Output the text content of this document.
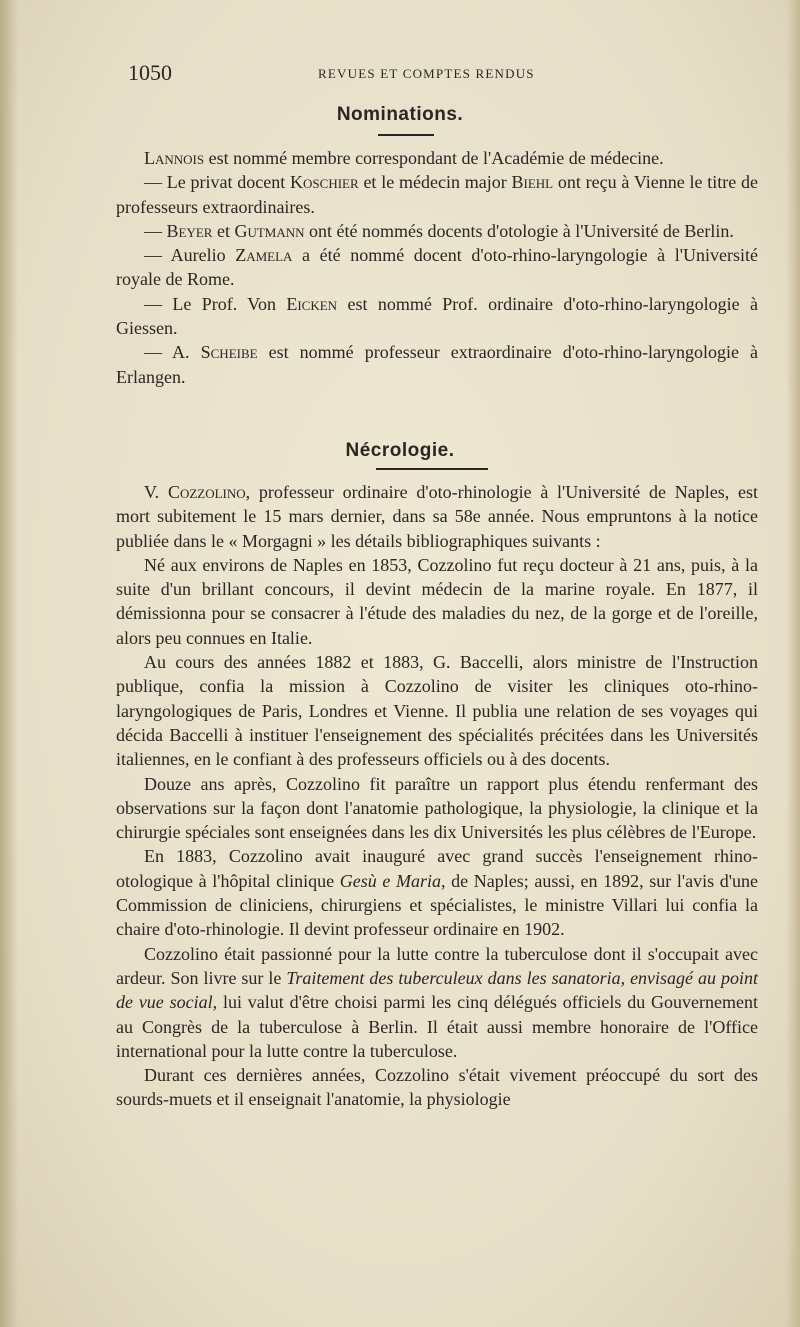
1050	REVUES ET COMPTES RENDUS
Nominations.

Lannois est nommé membre correspondant de l'Académie de médecine.

— Le privat docent Koschier et le médecin major Biehl ont reçu à Vienne le titre de professeurs extraordinaires.

— Beyer et Gutmann ont été nommés docents d'otologie à l'Université de Berlin.

— Aurelio Zamela a été nommé docent d'oto-rhino-laryngologie à l'Université royale de Rome.

— Le Prof. Von Eicken est nommé Prof. ordinaire d'oto-rhino-laryngologie à Giessen.

— A. Scheibe est nommé professeur extraordinaire d'oto-rhino-laryngologie à Erlangen.

Nécrologie.

V. Cozzolino, professeur ordinaire d'oto-rhinologie à l'Université de Naples, est mort subitement le 15 mars dernier, dans sa 58e année. Nous empruntons à la notice publiée dans le « Morgagni » les détails bibliographiques suivants :

Né aux environs de Naples en 1853, Cozzolino fut reçu docteur à 21 ans, puis, à la suite d'un brillant concours, il devint médecin de la marine royale. En 1877, il démissionna pour se consacrer à l'étude des maladies du nez, de la gorge et de l'oreille, alors peu connues en Italie.

Au cours des années 1882 et 1883, G. Baccelli, alors ministre de l'Instruction publique, confia la mission à Cozzolino de visiter les cliniques oto-rhino-laryngologiques de Paris, Londres et Vienne. Il publia une relation de ses voyages qui décida Baccelli à instituer l'enseignement des spécialités précitées dans les Universités italiennes, en le confiant à des professeurs officiels ou à des docents.

Douze ans après, Cozzolino fit paraître un rapport plus étendu renfermant des observations sur la façon dont l'anatomie pathologique, la physiologie, la clinique et la chirurgie spéciales sont enseignées dans les dix Universités les plus célèbres de l'Europe.

En 1883, Cozzolino avait inauguré avec grand succès l'enseignement rhino-otologique à l'hôpital clinique Gesù e Maria, de Naples; aussi, en 1892, sur l'avis d'une Commission de cliniciens, chirurgiens et spécialistes, le ministre Villari lui confia la chaire d'oto-rhinologie. Il devint professeur ordinaire en 1902.

Cozzolino était passionné pour la lutte contre la tuberculose dont il s'occupait avec ardeur. Son livre sur le Traitement des tuberculeux dans les sanatoria, envisagé au point de vue social, lui valut d'être choisi parmi les cinq délégués officiels du Gouvernement au Congrès de la tuberculose à Berlin. Il était aussi membre honoraire de l'Office international pour la lutte contre la tuberculose.

Durant ces dernières années, Cozzolino s'était vivement préoccupé du sort des sourds-muets et il enseignait l'anatomie, la physiologie
